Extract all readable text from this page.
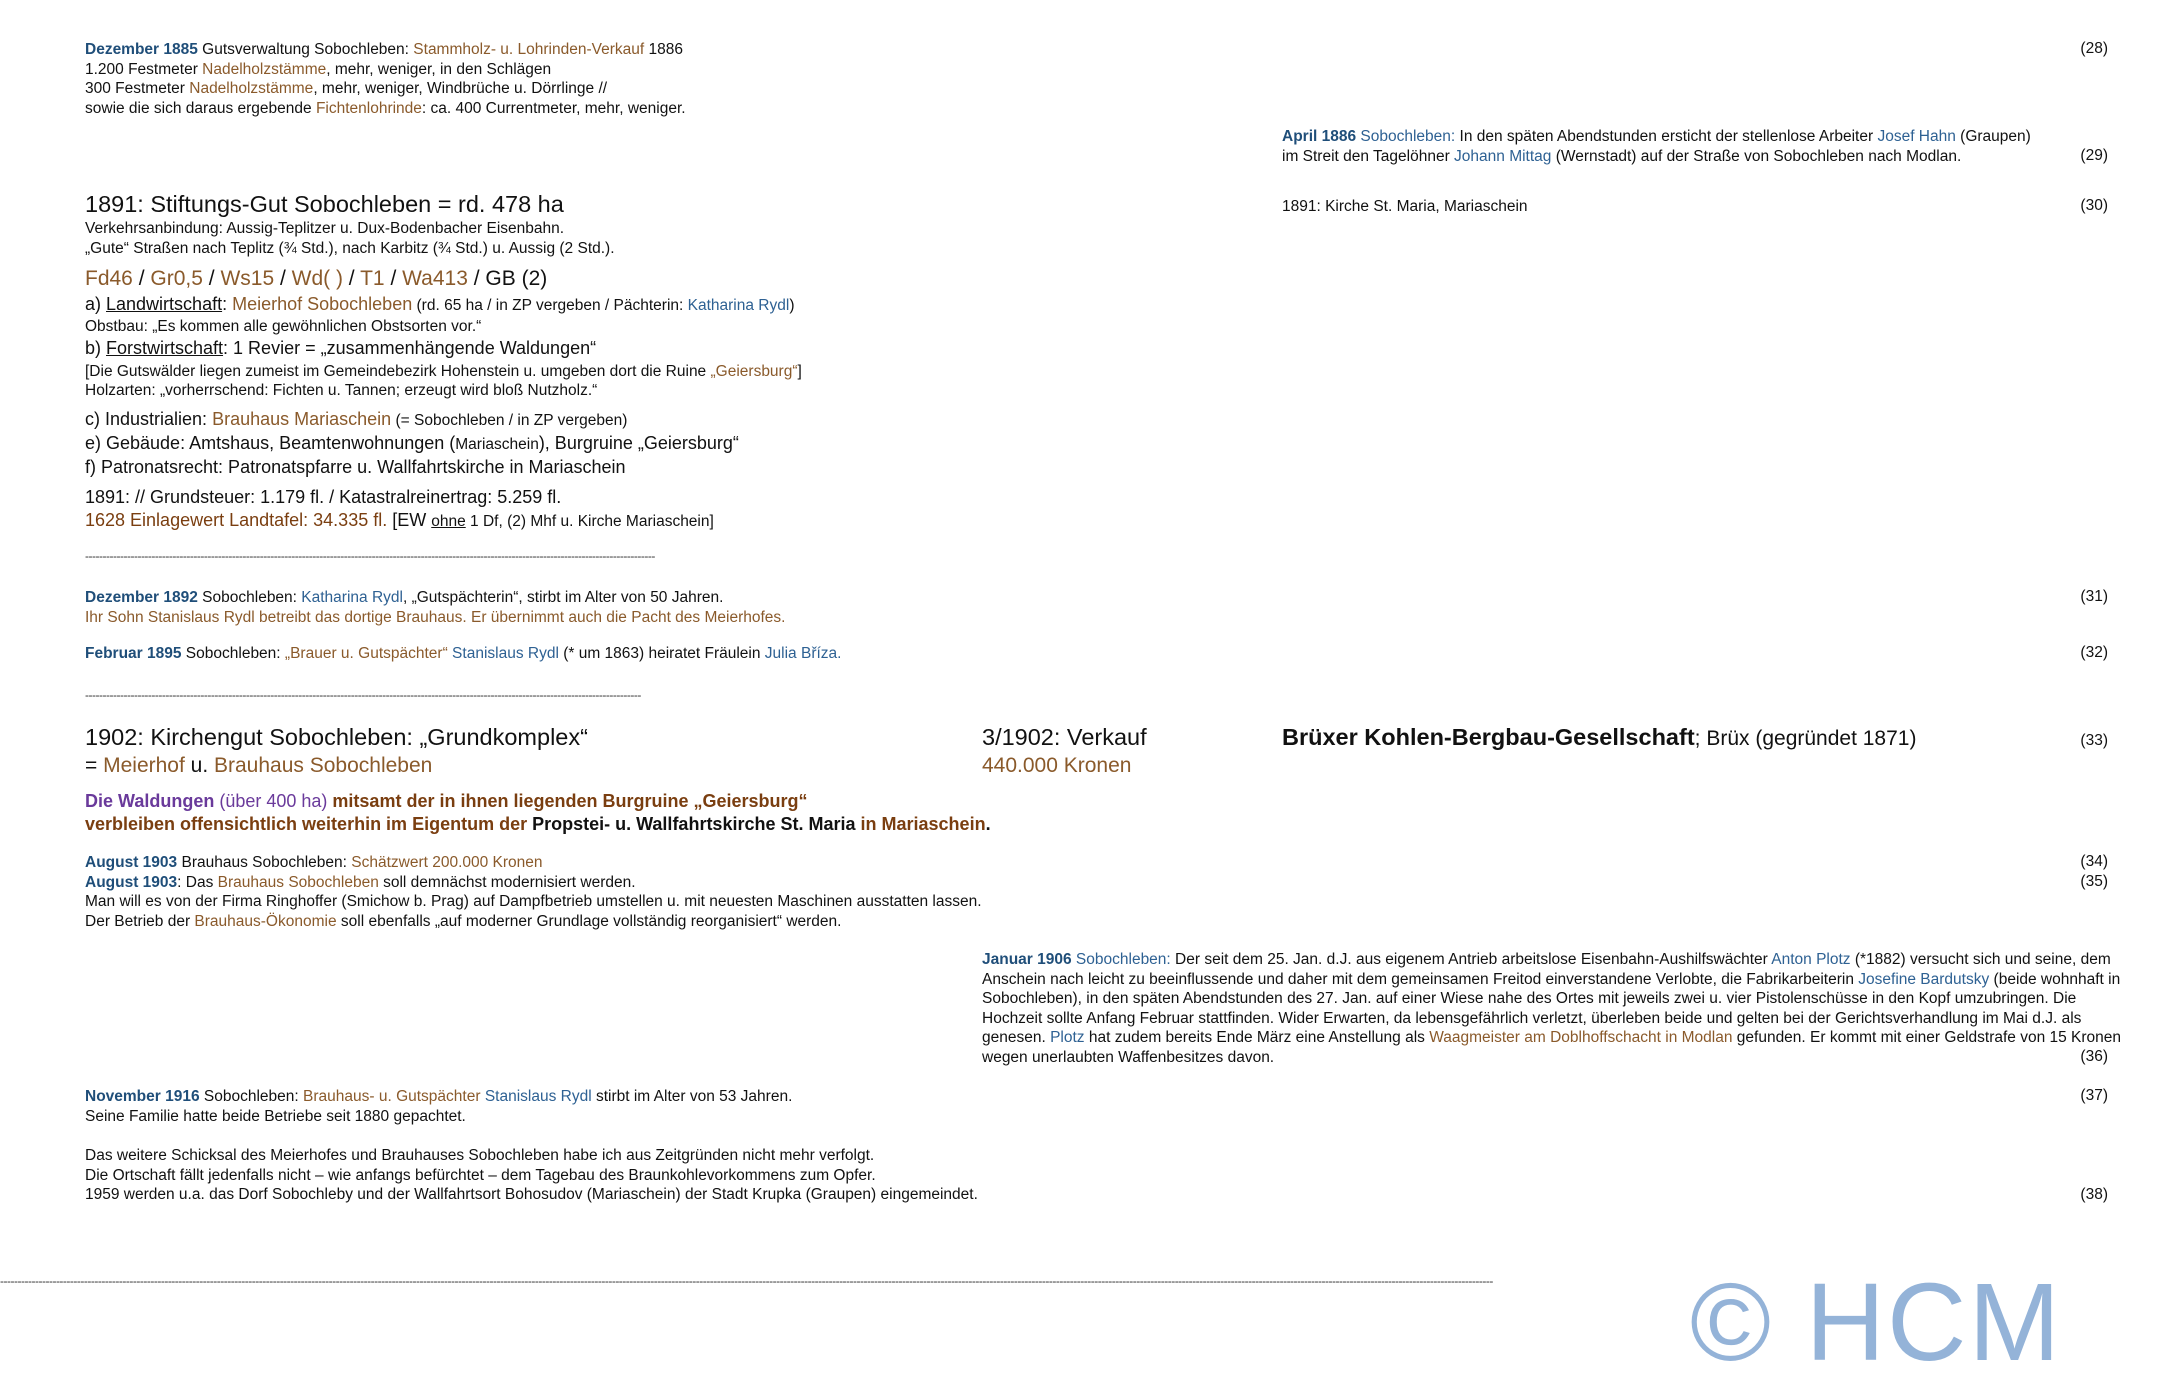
Dezember 1885 Gutsverwaltung Sobochleben: Stammholz- u. Lohrinden-Verkauf 1886
1.200 Festmeter Nadelholzstämme, mehr, weniger, in den Schlägen
300 Festmeter Nadelholzstämme, mehr, weniger, Windbrüche u. Dörrlinge //
sowie die sich daraus ergebende Fichtenlohrinde: ca. 400 Currentmeter, mehr, weniger.
(28)
April 1886 Sobochleben: In den späten Abendstunden ersticht der stellenlose Arbeiter Josef Hahn (Graupen)
im Streit den Tagelöhner Johann Mittag (Wernstadt) auf der Straße von Sobochleben nach Modlan.	(29)
1891: Kirche St. Maria, Mariaschein	(30)
1891: Stiftungs-Gut Sobochleben = rd. 478 ha
Verkehrsanbindung: Aussig-Teplitzer u. Dux-Bodenbacher Eisenbahn.
„Gute“ Straßen nach Teplitz (¾ Std.), nach Karbitz (¾ Std.) u. Aussig (2 Std.).
Fd46 / Gr0,5 / Ws15 / Wd( ) / T1 / Wa413 / GB (2)
a) Landwirtschaft: Meierhof Sobochleben (rd. 65 ha / in ZP vergeben / Pächterin: Katharina Rydl)
Obstbau: „Es kommen alle gewöhnlichen Obstsorten vor.“
b) Forstwirtschaft: 1 Revier = „zusammenhängende Waldungen“
[Die Gutswälder liegen zumeist im Gemeindebezirk Hohenstein u. umgeben dort die Ruine „Geiersburg“]
Holzarten: „vorherrschend: Fichten u. Tannen; erzeugt wird bloß Nutzholz.“
c) Industrialien: Brauhaus Mariaschein (= Sobochleben / in ZP vergeben)
e) Gebäude: Amtshaus, Beamtenwohnungen (Mariaschein), Burgruine „Geiersburg“
f) Patronatsrecht: Patronatspfarre u. Wallfahrtskirche in Mariaschein
1891: // Grundsteuer: 1.179 fl. / Katastralreinertrag: 5.259 fl.
1628 Einlagewert Landtafel: 34.335 fl. [EW ohne 1 Df, (2) Mhf u. Kirche Mariaschein]
-------------------------------------------------------------------------------------------------------------------------------------------------------------------
Dezember 1892 Sobochleben: Katharina Rydl, „Gutspächterin“, stirbt im Alter von 50 Jahren.
Ihr Sohn Stanislaus Rydl betreibt das dortige Brauhaus. Er übernimmt auch die Pacht des Meierhofes.
(31)
Februar 1895 Sobochleben: „Brauer u. Gutspächter“ Stanislaus Rydl (* um 1863) heiratet Fräulein Julia Bříza.	(32)
---------------------------------------------------------------------------------------------------------------------------------------------------------------
1902: Kirchengut Sobochleben: „Grundkomplex“
= Meierhof u. Brauhaus Sobochleben
3/1902: Verkauf
440.000 Kronen
Brüxer Kohlen-Bergbau-Gesellschaft; Brüx (gegründet 1871)	(33)
Die Waldungen (über 400 ha) mitsamt der in ihnen liegenden Burgruine „Geiersburg“
verbleiben offensichtlich weiterhin im Eigentum der Propstei- u. Wallfahrtskirche St. Maria in Mariaschein.
August 1903 Brauhaus Sobochleben: Schätzwert 200.000 Kronen
August 1903: Das Brauhaus Sobochleben soll demnächst modernisiert werden.
Man will es von der Firma Ringhoffer (Smichow b. Prag) auf Dampfbetrieb umstellen u. mit neuesten Maschinen ausstatten lassen.
Der Betrieb der Brauhaus-Ökonomie soll ebenfalls „auf moderner Grundlage vollständig reorganisiert“ werden.
(34)
(35)
Januar 1906 Sobochleben: Der seit dem 25. Jan. d.J. aus eigenem Antrieb arbeitslose Eisenbahn-Aushilfswächter Anton Plotz (*1882) versucht sich und seine, dem Anschein nach leicht zu beeinflussende und daher mit dem gemeinsamen Freitod einverstandene Verlobte, die Fabrikarbeiterin Josefine Bardutsky (beide wohnhaft in Sobochleben), in den späten Abendstunden des 27. Jan. auf einer Wiese nahe des Ortes mit jeweils zwei u. vier Pistolenschüsse in den Kopf umzubringen. Die Hochzeit sollte Anfang Februar stattfinden. Wider Erwarten, da lebensgefährlich verletzt, überleben beide und gelten bei der Gerichtsverhandlung im Mai d.J. als genesen. Plotz hat zudem bereits Ende März eine Anstellung als Waagmeister am Doblhoffschacht in Modlan gefunden. Er kommt mit einer Geldstrafe von 15 Kronen wegen unerlaubten Waffenbesitzes davon.	(36)
November 1916 Sobochleben: Brauhaus- u. Gutspächter Stanislaus Rydl stirbt im Alter von 53 Jahren.
Seine Familie hatte beide Betriebe seit 1880 gepachtet.
(37)
Das weitere Schicksal des Meierhofes und Brauhauses Sobochleben habe ich aus Zeitgründen nicht mehr verfolgt.
Die Ortschaft fällt jedenfalls nicht – wie anfangs befürchtet – dem Tagebau des Braunkohlevorkommens zum Opfer.
1959 werden u.a. das Dorf Sobochleby und der Wallfahrtsort Bohosudov (Mariaschein) der Stadt Krupka (Graupen) eingemeindet.	(38)
-------------------------------------------------------------------------------------------------------------------------------------------------------------------------------------------------------------------------------------------------------------------------------------------------------------------------------------------------------------------------------------------------------------------------------------------	© HCM
